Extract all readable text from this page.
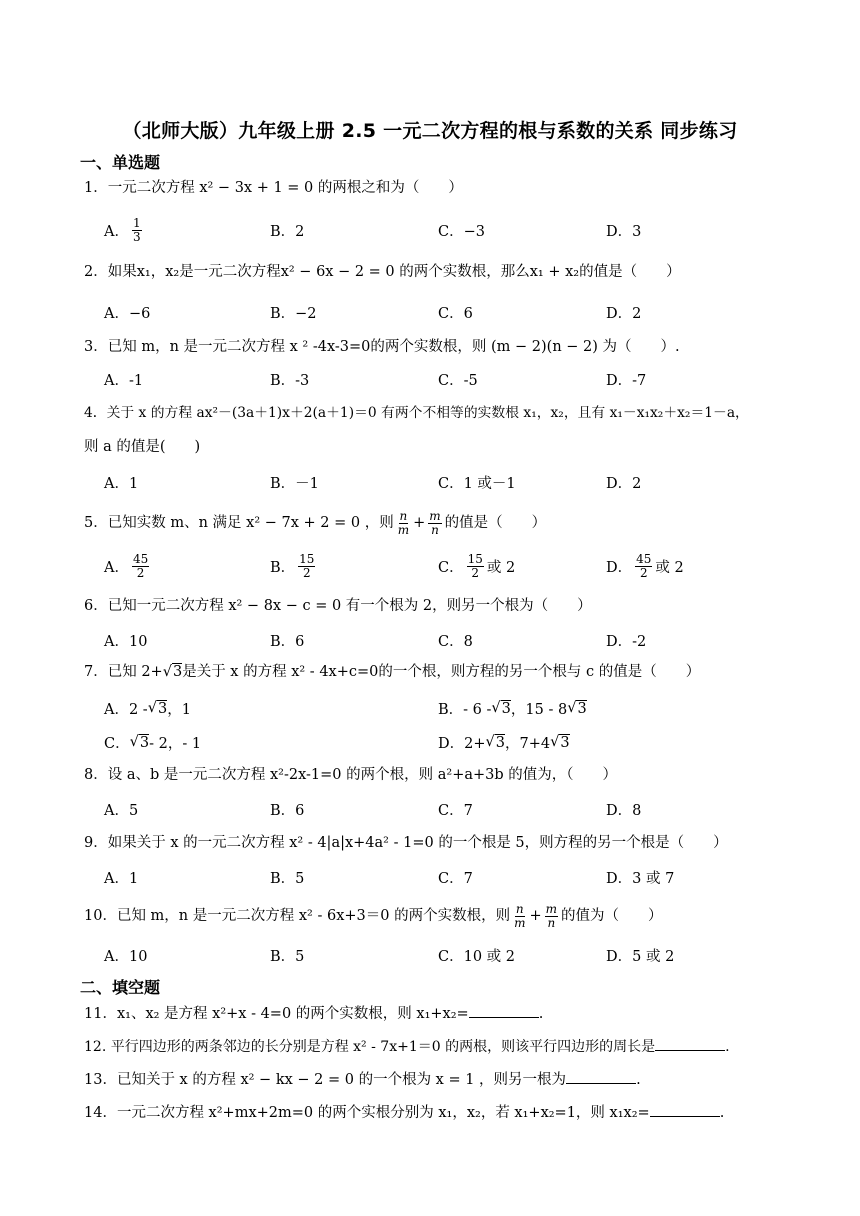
（北师大版）九年级上册 2.5 一元二次方程的根与系数的关系 同步练习
一、单选题
1．一元二次方程 x² − 3x + 1 = 0 的两根之和为（　　）
A． $\frac{1}{3}$	B．2	C．−3	D．3
2．如果x₁，x₂是一元二次方程x² − 6x − 2 = 0 的两个实数根，那么x₁ + x₂的值是（　　）
A．−6	B．−2	C．6	D．2
3．已知 m，n 是一元二次方程 x ² -4x-3=0的两个实数根，则 (m − 2)(n − 2) 为（　　）.
A．-1	B．-3	C．-5	D．-7
4．关于 x 的方程 ax²－(3a＋1)x＋2(a＋1)＝0 有两个不相等的实数根 x₁，x₂，且有 x₁－x₁x₂＋x₂＝1－a，
则 a 的值是(　　)
A．1	B．－1	C．1 或－1	D．2
5．已知实数 m、n 满足 x² − 7x + 2 = 0 ，则 $\frac{n}{m} + \frac{m}{n}$ 的值是（　　）
A． $\frac{45}{2}$	B． $\frac{15}{2}$	C． $\frac{15}{2}$ 或 2	D． $\frac{45}{2}$ 或 2
6．已知一元二次方程 x² − 8x − c = 0 有一个根为 2，则另一个根为（　　）
A．10	B．6	C．8	D．-2
7．已知 2+√3是关于 x 的方程 x² - 4x+c=0的一个根，则方程的另一个根与 c 的值是（　　）
A．2 - √ 3 ，1	B．- 6 - √ 3 ，15 - 8 √ 3
C． √ 3 - 2，- 1	D．2+ √ 3 ，7+4 √ 3
8．设 a、b 是一元二次方程 x²-2x-1=0 的两个根，则 a²+a+3b 的值为，（　　）
A．5	B．6	C．7	D．8
9．如果关于 x 的一元二次方程 x² - 4|a|x+4a² - 1=0 的一个根是 5，则方程的另一个根是（　　）
A．1	B．5	C．7	D．3 或 7
10．已知 m，n 是一元二次方程 x² - 6x+3＝0 的两个实数根，则 $\frac{n}{m} + \frac{m}{n}$ 的值为（　　）
A．10	B．5	C．10 或 2	D．5 或 2
二、填空题
11．x₁、x₂ 是方程 x²+x - 4=0 的两个实数根，则 x₁+x₂=	.
12. 平行四边形的两条邻边的长分别是方程 x² - 7x+1＝0 的两根，则该平行四边形的周长是	.
13．已知关于 x 的方程 x² − kx − 2 = 0 的一个根为 x = 1 ，则另一根为	.
14．一元二次方程 x²+mx+2m=0 的两个实根分别为 x₁，x₂，若 x₁+x₂=1，则 x₁x₂=	.
